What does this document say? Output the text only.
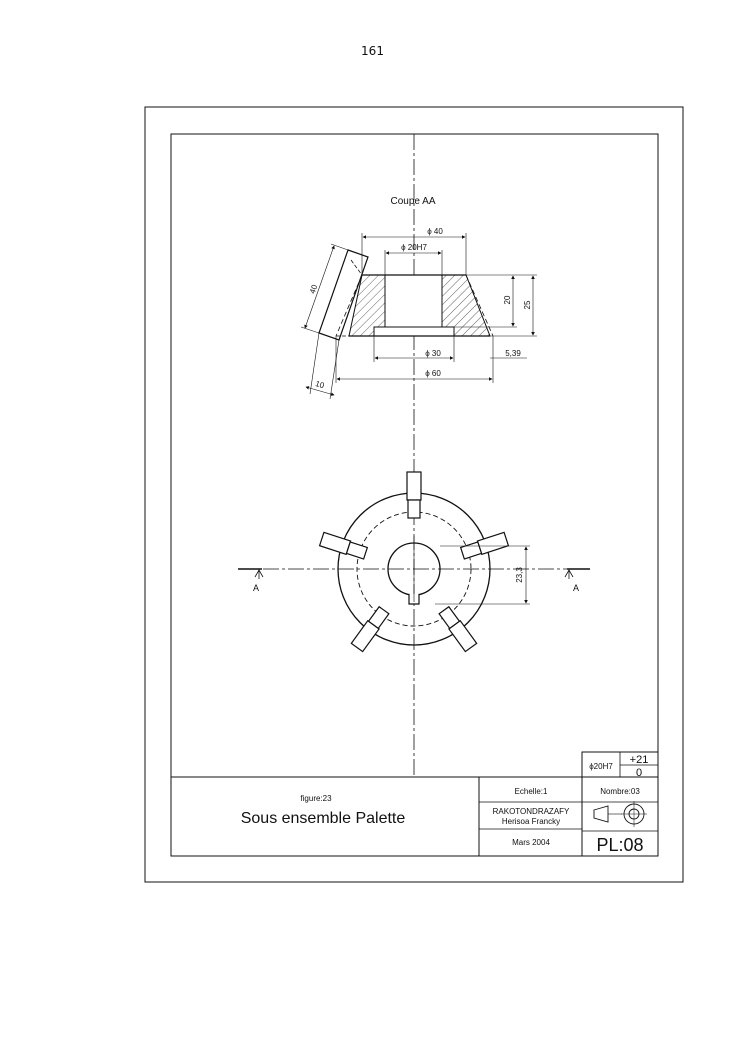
161
Coupe AA
ϕ 40
ϕ 20H7
20
25
ϕ 30	5,39
ϕ 60
40
10
A	A
23,3
ϕ20H7
+21
0
figure:23
Sous ensemble Palette
Echelle:1	Nombre:03
RAKOTONDRAZAFY
Herisoa Francky
Mars 2004	PL:08
